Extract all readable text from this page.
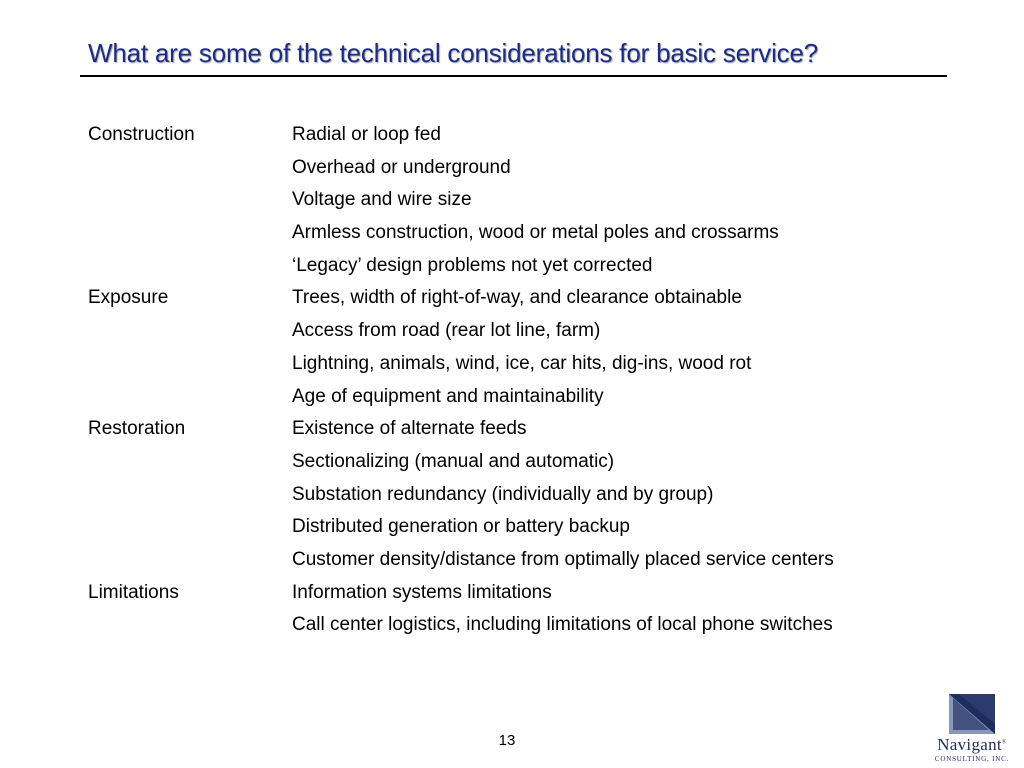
What are some of the technical considerations for basic service?
Construction	Radial or loop fed
Overhead or underground
Voltage and wire size
Armless construction, wood or metal poles and crossarms
‘Legacy’ design problems not yet corrected
Exposure	Trees, width of right-of-way, and clearance obtainable
Access from road (rear lot line, farm)
Lightning, animals, wind, ice, car hits, dig-ins, wood rot
Age of equipment and maintainability
Restoration	Existence of alternate feeds
Sectionalizing (manual and automatic)
Substation redundancy (individually and by group)
Distributed generation or battery backup
Customer density/distance from optimally placed service centers
Limitations	Information systems limitations
Call center logistics, including limitations of local phone switches
13	Navigant®
CONSULTING, INC.
